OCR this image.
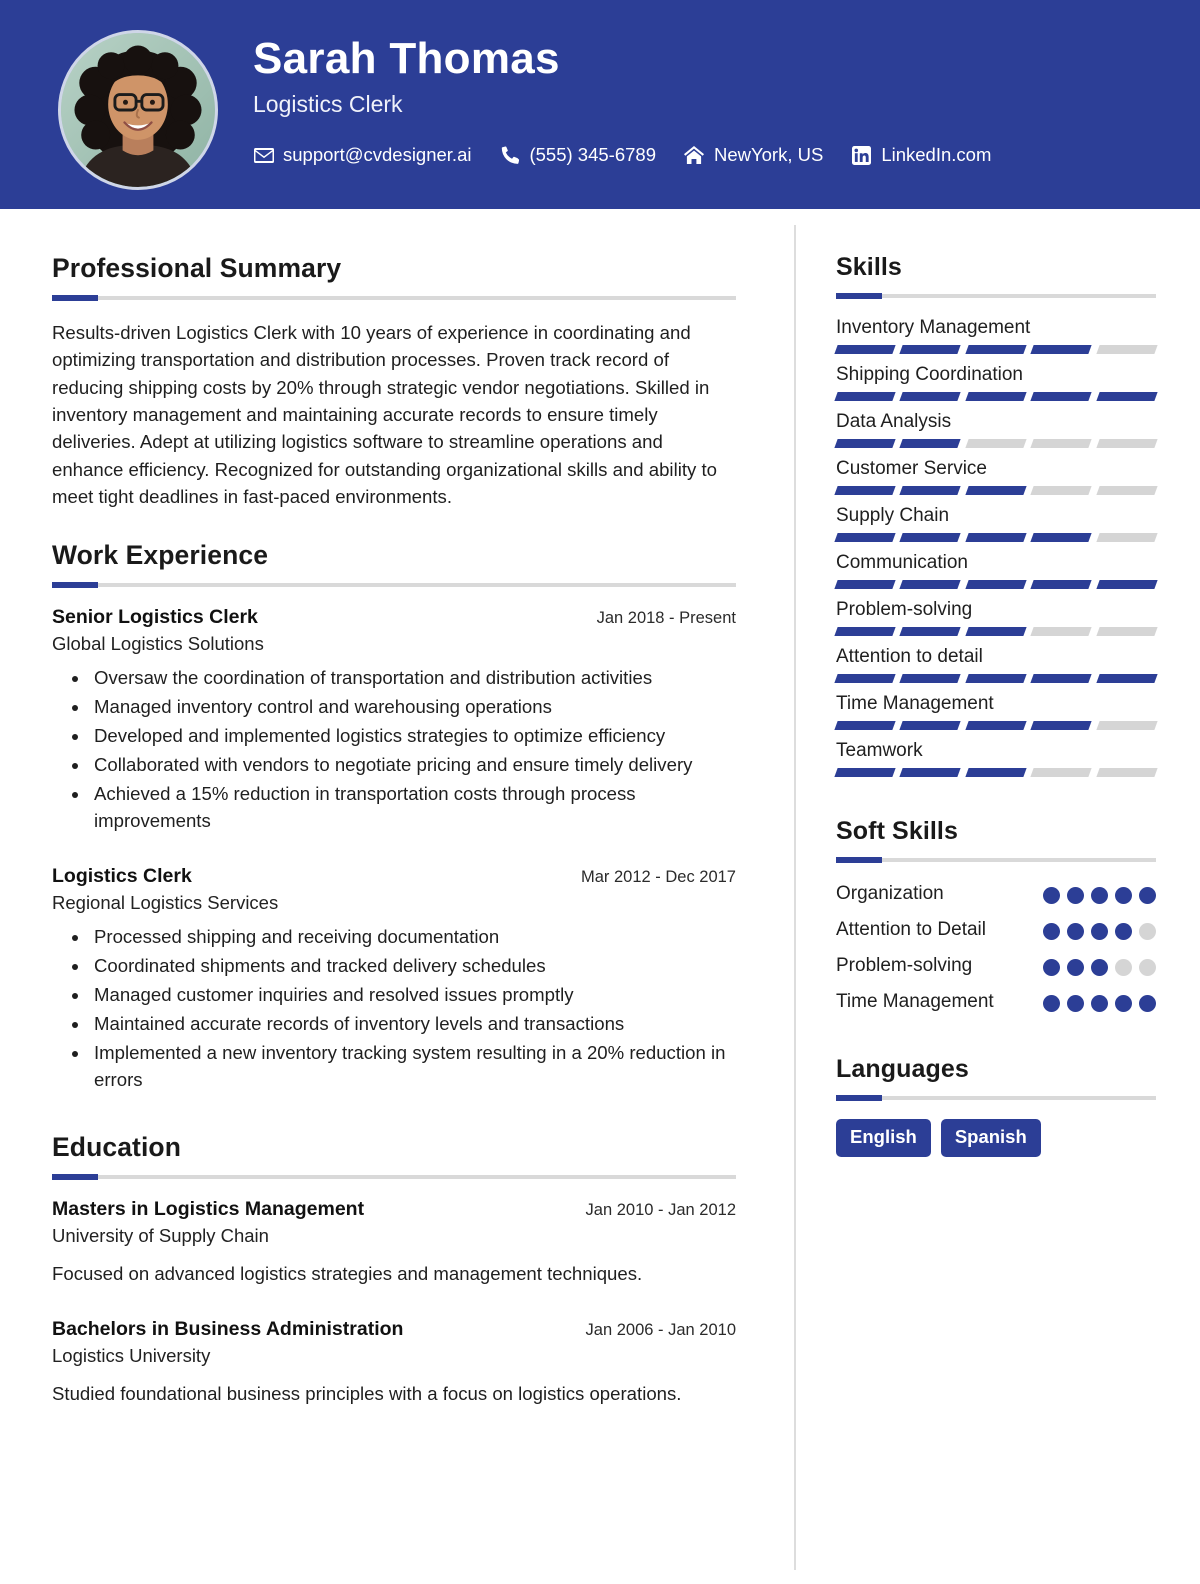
Sarah Thomas
Logistics Clerk
support@cvdesigner.ai	(555) 345-6789	NewYork, US	LinkedIn.com
Professional Summary

Results-driven Logistics Clerk with 10 years of experience in coordinating and optimizing transportation and distribution processes. Proven track record of reducing shipping costs by 20% through strategic vendor negotiations. Skilled in inventory management and maintaining accurate records to ensure timely deliveries. Adept at utilizing logistics software to streamline operations and enhance efficiency. Recognized for outstanding organizational skills and ability to meet tight deadlines in fast-paced environments.

Work Experience
Senior Logistics Clerk	Jan 2018 - Present
Global Logistics Solutions
• Oversaw the coordination of transportation and distribution activities
• Managed inventory control and warehousing operations
• Developed and implemented logistics strategies to optimize efficiency
• Collaborated with vendors to negotiate pricing and ensure timely delivery
• Achieved a 15% reduction in transportation costs through process improvements
Logistics Clerk	Mar 2012 - Dec 2017
Regional Logistics Services
• Processed shipping and receiving documentation
• Coordinated shipments and tracked delivery schedules
• Managed customer inquiries and resolved issues promptly
• Maintained accurate records of inventory levels and transactions
• Implemented a new inventory tracking system resulting in a 20% reduction in errors
Education
Masters in Logistics Management	Jan 2010 - Jan 2012
University of Supply Chain
Focused on advanced logistics strategies and management techniques.
Bachelors in Business Administration	Jan 2006 - Jan 2010
Logistics University
Studied foundational business principles with a focus on logistics operations.
Skills
Inventory Management
Shipping Coordination
Data Analysis
Customer Service
Supply Chain
Communication
Problem-solving
Attention to detail
Time Management
Teamwork
Soft Skills
Organization
Attention to Detail
Problem-solving
Time Management
Languages
English	Spanish
